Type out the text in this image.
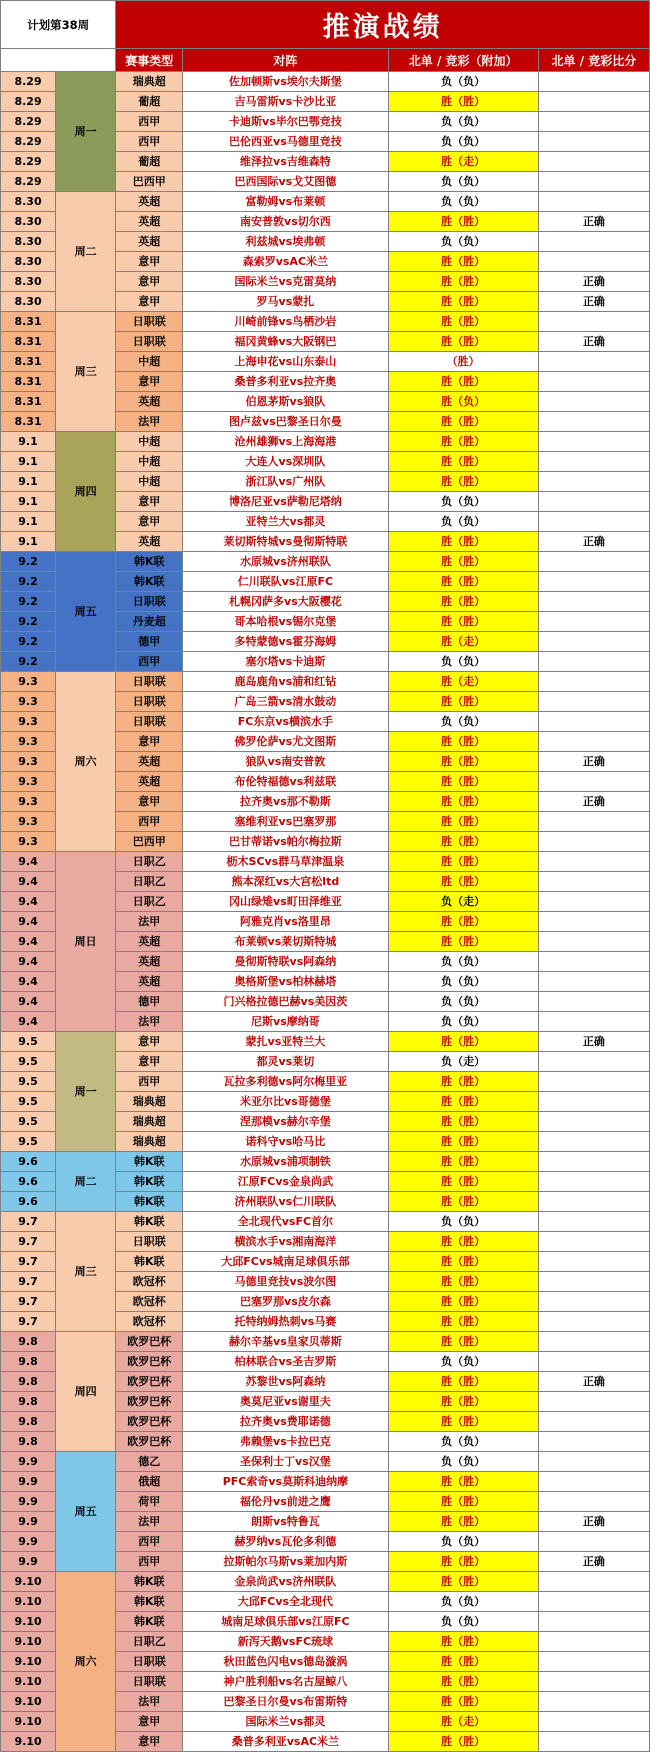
计划第38周		推演战绩			
		赛事类型	对阵	北单 / 竞彩（附加）	北单 / 竞彩比分
8.29	周一	瑞典超	佐加顿斯vs埃尔夫斯堡	负（负）	
8.29		葡超	吉马雷斯vs卡沙比亚	胜（胜）	
8.29		西甲	卡迪斯vs毕尔巴鄂竞技	负（负）	
8.29		西甲	巴伦西亚vs马德里竞技	负（负）	
8.29		葡超	维泽拉vs吉维森特	胜（走）	
8.29		巴西甲	巴西国际vs戈艾图德	负（负）	
8.30	周二	英超	富勒姆vs布莱顿	负（负）	
8.30		英超	南安普敦vs切尔西	胜（胜）	正确
8.30		英超	利兹城vs埃弗顿	负（负）	
8.30		意甲	森索罗vsAC米兰	胜（胜）	
8.30		意甲	国际米兰vs克雷莫纳	胜（胜）	正确
8.30		意甲	罗马vs蒙扎	胜（胜）	正确
8.31	周三	日职联	川崎前锋vs鸟栖沙岩	胜（胜）	
8.31		日职联	福冈黄蜂vs大阪钢巴	胜（胜）	正确
8.31		中超	上海申花vs山东泰山	（胜）	
8.31		意甲	桑普多利亚vs拉齐奥	胜（胜）	
8.31		英超	伯恩茅斯vs狼队	胜（负）	
8.31		法甲	图卢兹vs巴黎圣日尔曼	胜（胜）	
9.1	周四	中超	沧州雄狮vs上海海港	胜（胜）	
9.1		中超	大连人vs深圳队	胜（胜）	
9.1		中超	浙江队vs广州队	胜（胜）	
9.1		意甲	博洛尼亚vs萨勒尼塔纳	负（负）	
9.1		意甲	亚特兰大vs都灵	负（负）	
9.1		英超	莱切斯特城vs曼彻斯特联	胜（胜）	正确
9.2	周五	韩K联	水原城vs济州联队	胜（胜）	
9.2		韩K联	仁川联队vs江原FC	胜（胜）	
9.2		日职联	札幌冈萨多vs大阪樱花	胜（胜）	
9.2		丹麦超	哥本哈根vs锡尔克堡	胜（胜）	
9.2		德甲	多特蒙德vs霍芬海姆	胜（走）	
9.2		西甲	塞尔塔vs卡迪斯	负（负）	
9.3	周六	日职联	鹿岛鹿角vs浦和红钻	胜（走）	
9.3		日职联	广岛三箭vs清水鼓动	胜（胜）	
9.3		日职联	FC东京vs横滨水手	负（负）	
9.3		意甲	佛罗伦萨vs尤文图斯	胜（胜）	
9.3		英超	狼队vs南安普敦	胜（胜）	正确
9.3		英超	布伦特福德vs利兹联	胜（胜）	
9.3		意甲	拉齐奥vs那不勒斯	胜（胜）	正确
9.3		西甲	塞维利亚vs巴塞罗那	胜（胜）	
9.3		巴西甲	巴甘蒂诺vs帕尔梅拉斯	胜（胜）	
9.4	周日	日职乙	枥木SCvs群马草津温泉	胜（胜）	
9.4		日职乙	熊本深红vs大宫松ltd	胜（胜）	
9.4		日职乙	冈山绿雉vs町田泽维亚	负（走）	
9.4		法甲	阿雅克肖vs洛里昂	胜（胜）	
9.4		英超	布莱顿vs莱切斯特城	胜（胜）	
9.4		英超	曼彻斯特联vs阿森纳	负（负）	
9.4		英超	奥格斯堡vs柏林赫塔	负（负）	
9.4		德甲	门兴格拉德巴赫vs美因茨	负（负）	
9.4		法甲	尼斯vs摩纳哥	负（负）	
9.5	周一	意甲	蒙扎vs亚特兰大	胜（胜）	正确
9.5		意甲	都灵vs莱切	负（走）	
9.5		西甲	瓦拉多利德vs阿尔梅里亚	胜（胜）	
9.5		瑞典超	米亚尔比vs哥德堡	胜（胜）	
9.5		瑞典超	涅那模vs赫尔辛堡	胜（胜）	
9.5		瑞典超	诺科守vs哈马比	胜（胜）	
9.6	周二	韩K联	水原城vs浦项制铁	胜（胜）	
9.6		韩K联	江原FCvs金泉尚武	胜（胜）	
9.6		韩K联	济州联队vs仁川联队	胜（胜）	
9.7	周三	韩K联	全北现代vsFC首尔	负（负）	
9.7		日职联	横滨水手vs湘南海洋	胜（胜）	
9.7		韩K联	大邱FCvs城南足球俱乐部	胜（胜）	
9.7		欧冠杯	马德里竞技vs波尔图	胜（胜）	
9.7		欧冠杯	巴塞罗那vs皮尔森	胜（胜）	
9.7		欧冠杯	托特纳姆热刺vs马赛	胜（胜）	
9.8	周四	欧罗巴杯	赫尔辛基vs皇家贝蒂斯	胜（胜）	
9.8		欧罗巴杯	柏林联合vs圣吉罗斯	负（负）	
9.8		欧罗巴杯	苏黎世vs阿森纳	胜（胜）	正确
9.8		欧罗巴杯	奥莫尼亚vs谢里夫	胜（胜）	
9.8		欧罗巴杯	拉齐奥vs费耶诺德	胜（胜）	
9.8		欧罗巴杯	弗赖堡vs卡拉巴克	负（负）	
9.9	周五	德乙	圣保利士丁vs汉堡	负（负）	
9.9		俄超	PFC索奇vs莫斯科迪纳摩	胜（胜）	
9.9		荷甲	福伦丹vs前进之鹰	胜（胜）	
9.9		法甲	朗斯vs特鲁瓦	胜（胜）	正确
9.9		西甲	赫罗纳vs瓦伦多利德	负（负）	
9.9		西甲	拉斯帕尔马斯vs莱加内斯	胜（胜）	正确
9.10	周六	韩K联	金泉尚武vs济州联队	胜（胜）	
9.10		韩K联	大邱FCvs全北现代	负（负）	
9.10		韩K联	城南足球俱乐部vs江原FC	负（负）	
9.10		日职乙	新泻天鹅vsFC琉球	胜（胜）	
9.10		日职联	秋田蓝色闪电vs德岛漩涡	胜（胜）	
9.10		日职联	神户胜利船vs名古屋鲸八	胜（胜）	
9.10		法甲	巴黎圣日尔曼vs布雷斯特	胜（胜）	
9.10		意甲	国际米兰vs都灵	胜（走）	
9.10		意甲	桑普多利亚vsAC米兰	胜（胜）	
